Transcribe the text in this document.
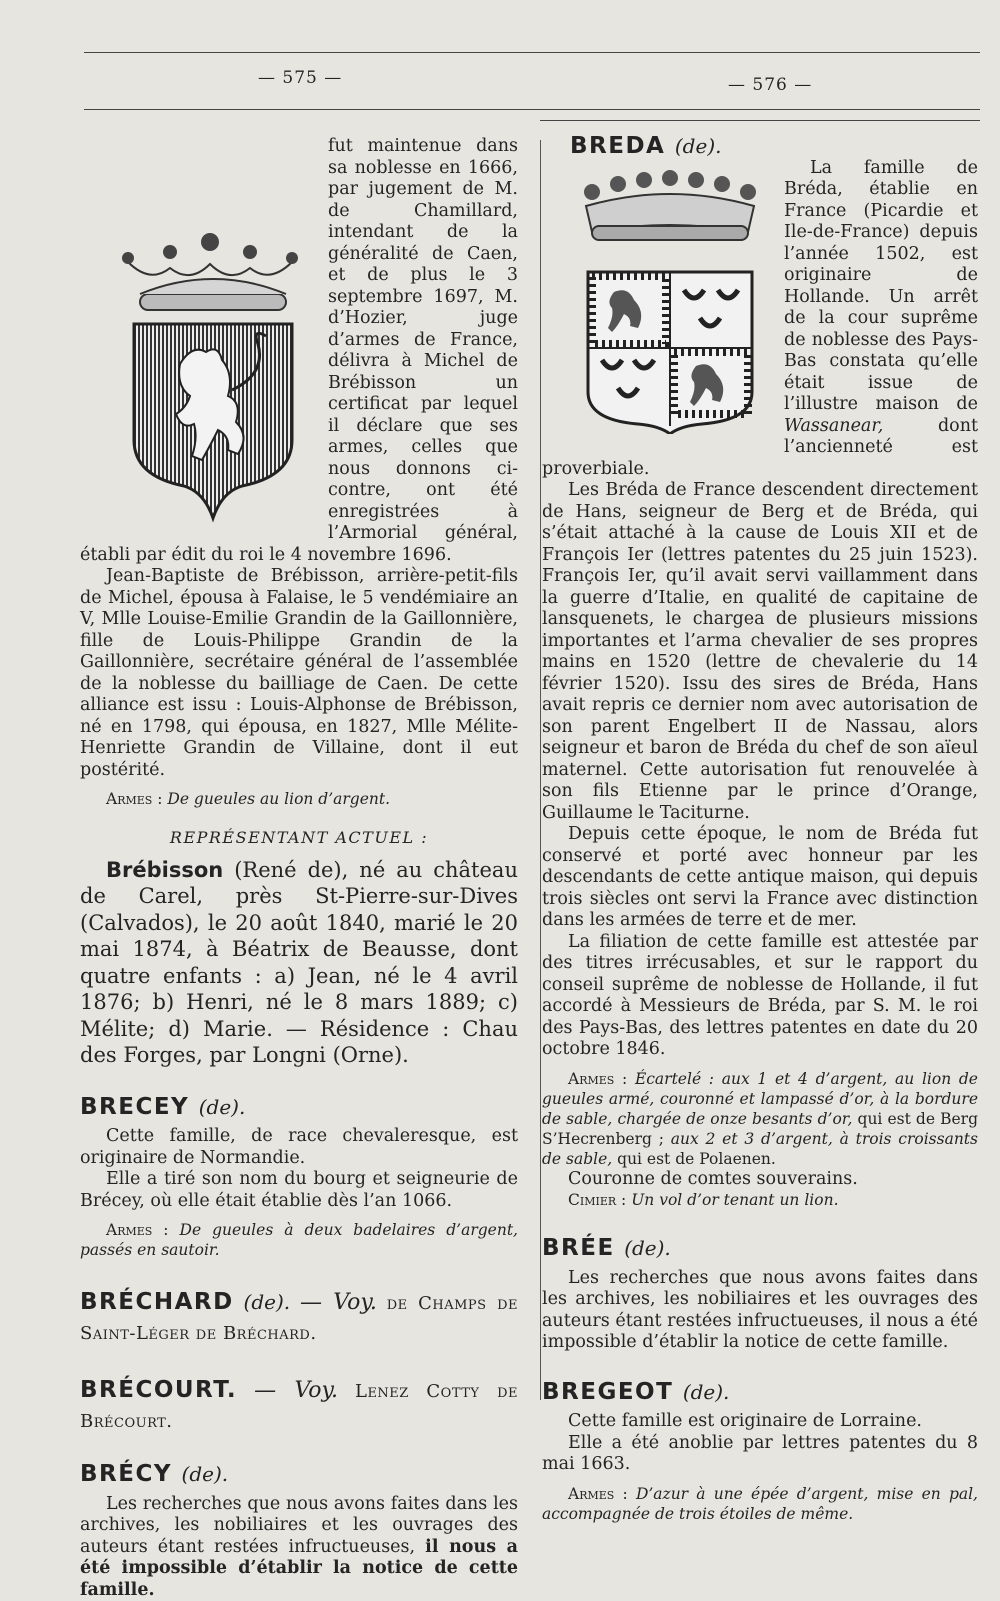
— 575 —	— 576 —

fut maintenue dans sa noblesse en 1666, par jugement de M. de Chamillard, intendant de la généralité de Caen, et de plus le 3 septembre 1697, M. d’Hozier, juge d’armes de France, délivra à Michel de Brébisson un certificat par lequel il déclare que ses armes, celles que nous donnons ci-contre, ont été enregistrées à l’Armorial général, établi par édit du roi le 4 novembre 1696.

Jean-Baptiste de Brébisson, arrière-petit-fils de Michel, épousa à Falaise, le 5 vendémiaire an V, Mlle Louise-Emilie Grandin de la Gaillonnière, fille de Louis-Philippe Grandin de la Gaillonnière, secrétaire général de l’assemblée de la noblesse du bailliage de Caen. De cette alliance est issu : Louis-Alphonse de Brébisson, né en 1798, qui épousa, en 1827, Mlle Mélite-Henriette Grandin de Villaine, dont il eut postérité.

Armes : De gueules au lion d’argent.

REPRÉSENTANT ACTUEL :

Brébisson (René de), né au château de Carel, près St-Pierre-sur-Dives (Calvados), le 20 août 1840, marié le 20 mai 1874, à Béatrix de Beausse, dont quatre enfants : a) Jean, né le 4 avril 1876; b) Henri, né le 8 mars 1889; c) Mélite; d) Marie. — Résidence : Chau des Forges, par Longni (Orne).

BRECEY (de).

Cette famille, de race chevaleresque, est originaire de Normandie.

Elle a tiré son nom du bourg et seigneurie de Brécey, où elle était établie dès l’an 1066.

Armes : De gueules à deux badelaires d’argent, passés en sautoir.

BRÉCHARD (de). — Voy. de Champs de Saint-Léger de Bréchard.
BRÉCOURT. — Voy. Lenez Cotty de Brécourt.
BRÉCY (de).

Les recherches que nous avons faites dans les archives, les nobiliaires et les ouvrages des auteurs étant restées infructueuses, il nous a été impossible d’établir la notice de cette famille.

BREDA (de).

La famille de Bréda, établie en France (Picardie et Ile-de-France) depuis l’année 1502, est originaire de Hollande. Un arrêt de la cour suprême de noblesse des Pays-Bas constata qu’elle était issue de l’illustre maison de Wassanear,	dont l’ancienneté est proverbiale.

Les Bréda de France descendent directement de Hans, seigneur de Berg et de Bréda, qui s’était attaché à la cause de Louis XII et de François Ier (lettres patentes du 25 juin 1523). François Ier, qu’il avait servi vaillamment dans la guerre d’Italie, en qualité de capitaine de lansquenets, le chargea de plusieurs missions importantes et l’arma chevalier de ses propres mains en 1520 (lettre de chevalerie du 14 février 1520). Issu des sires de Bréda, Hans avait repris ce dernier nom avec autorisation de son parent Engelbert II de Nassau, alors seigneur et baron de Bréda du chef de son aïeul maternel. Cette autorisation fut renouvelée à son fils Etienne par le prince d’Orange, Guillaume le Taciturne.

Depuis cette époque, le nom de Bréda fut conservé et porté avec honneur par les descendants de cette antique maison, qui depuis trois siècles ont servi la France avec distinction dans les armées de terre et de mer.

La filiation de cette famille est attestée par des titres irrécusables, et sur le rapport du conseil suprême de noblesse de Hollande, il fut accordé à Messieurs de Bréda, par S. M. le roi des Pays-Bas, des lettres patentes en date du 20 octobre 1846.

Armes : Écartelé : aux 1 et 4 d’argent, au lion de gueules armé, couronné et lampassé d’or, à la bordure de sable, chargée de onze besants d’or, qui est de Berg S’Hecrenberg ; aux 2 et 3 d’argent, à trois croissants de sable, qui est de Polaenen.

Couronne de comtes souverains.

Cimier : Un vol d’or tenant un lion.

BRÉE (de).

Les recherches que nous avons faites dans les archives, les nobiliaires et les ouvrages des auteurs étant restées infructueuses, il nous a été impossible d’établir la notice de cette famille.

BREGEOT (de).

Cette famille est originaire de Lorraine.

Elle a été anoblie par lettres patentes du 8 mai 1663.

Armes : D’azur à une épée d’argent, mise en pal, accompagnée de trois étoiles de même.
